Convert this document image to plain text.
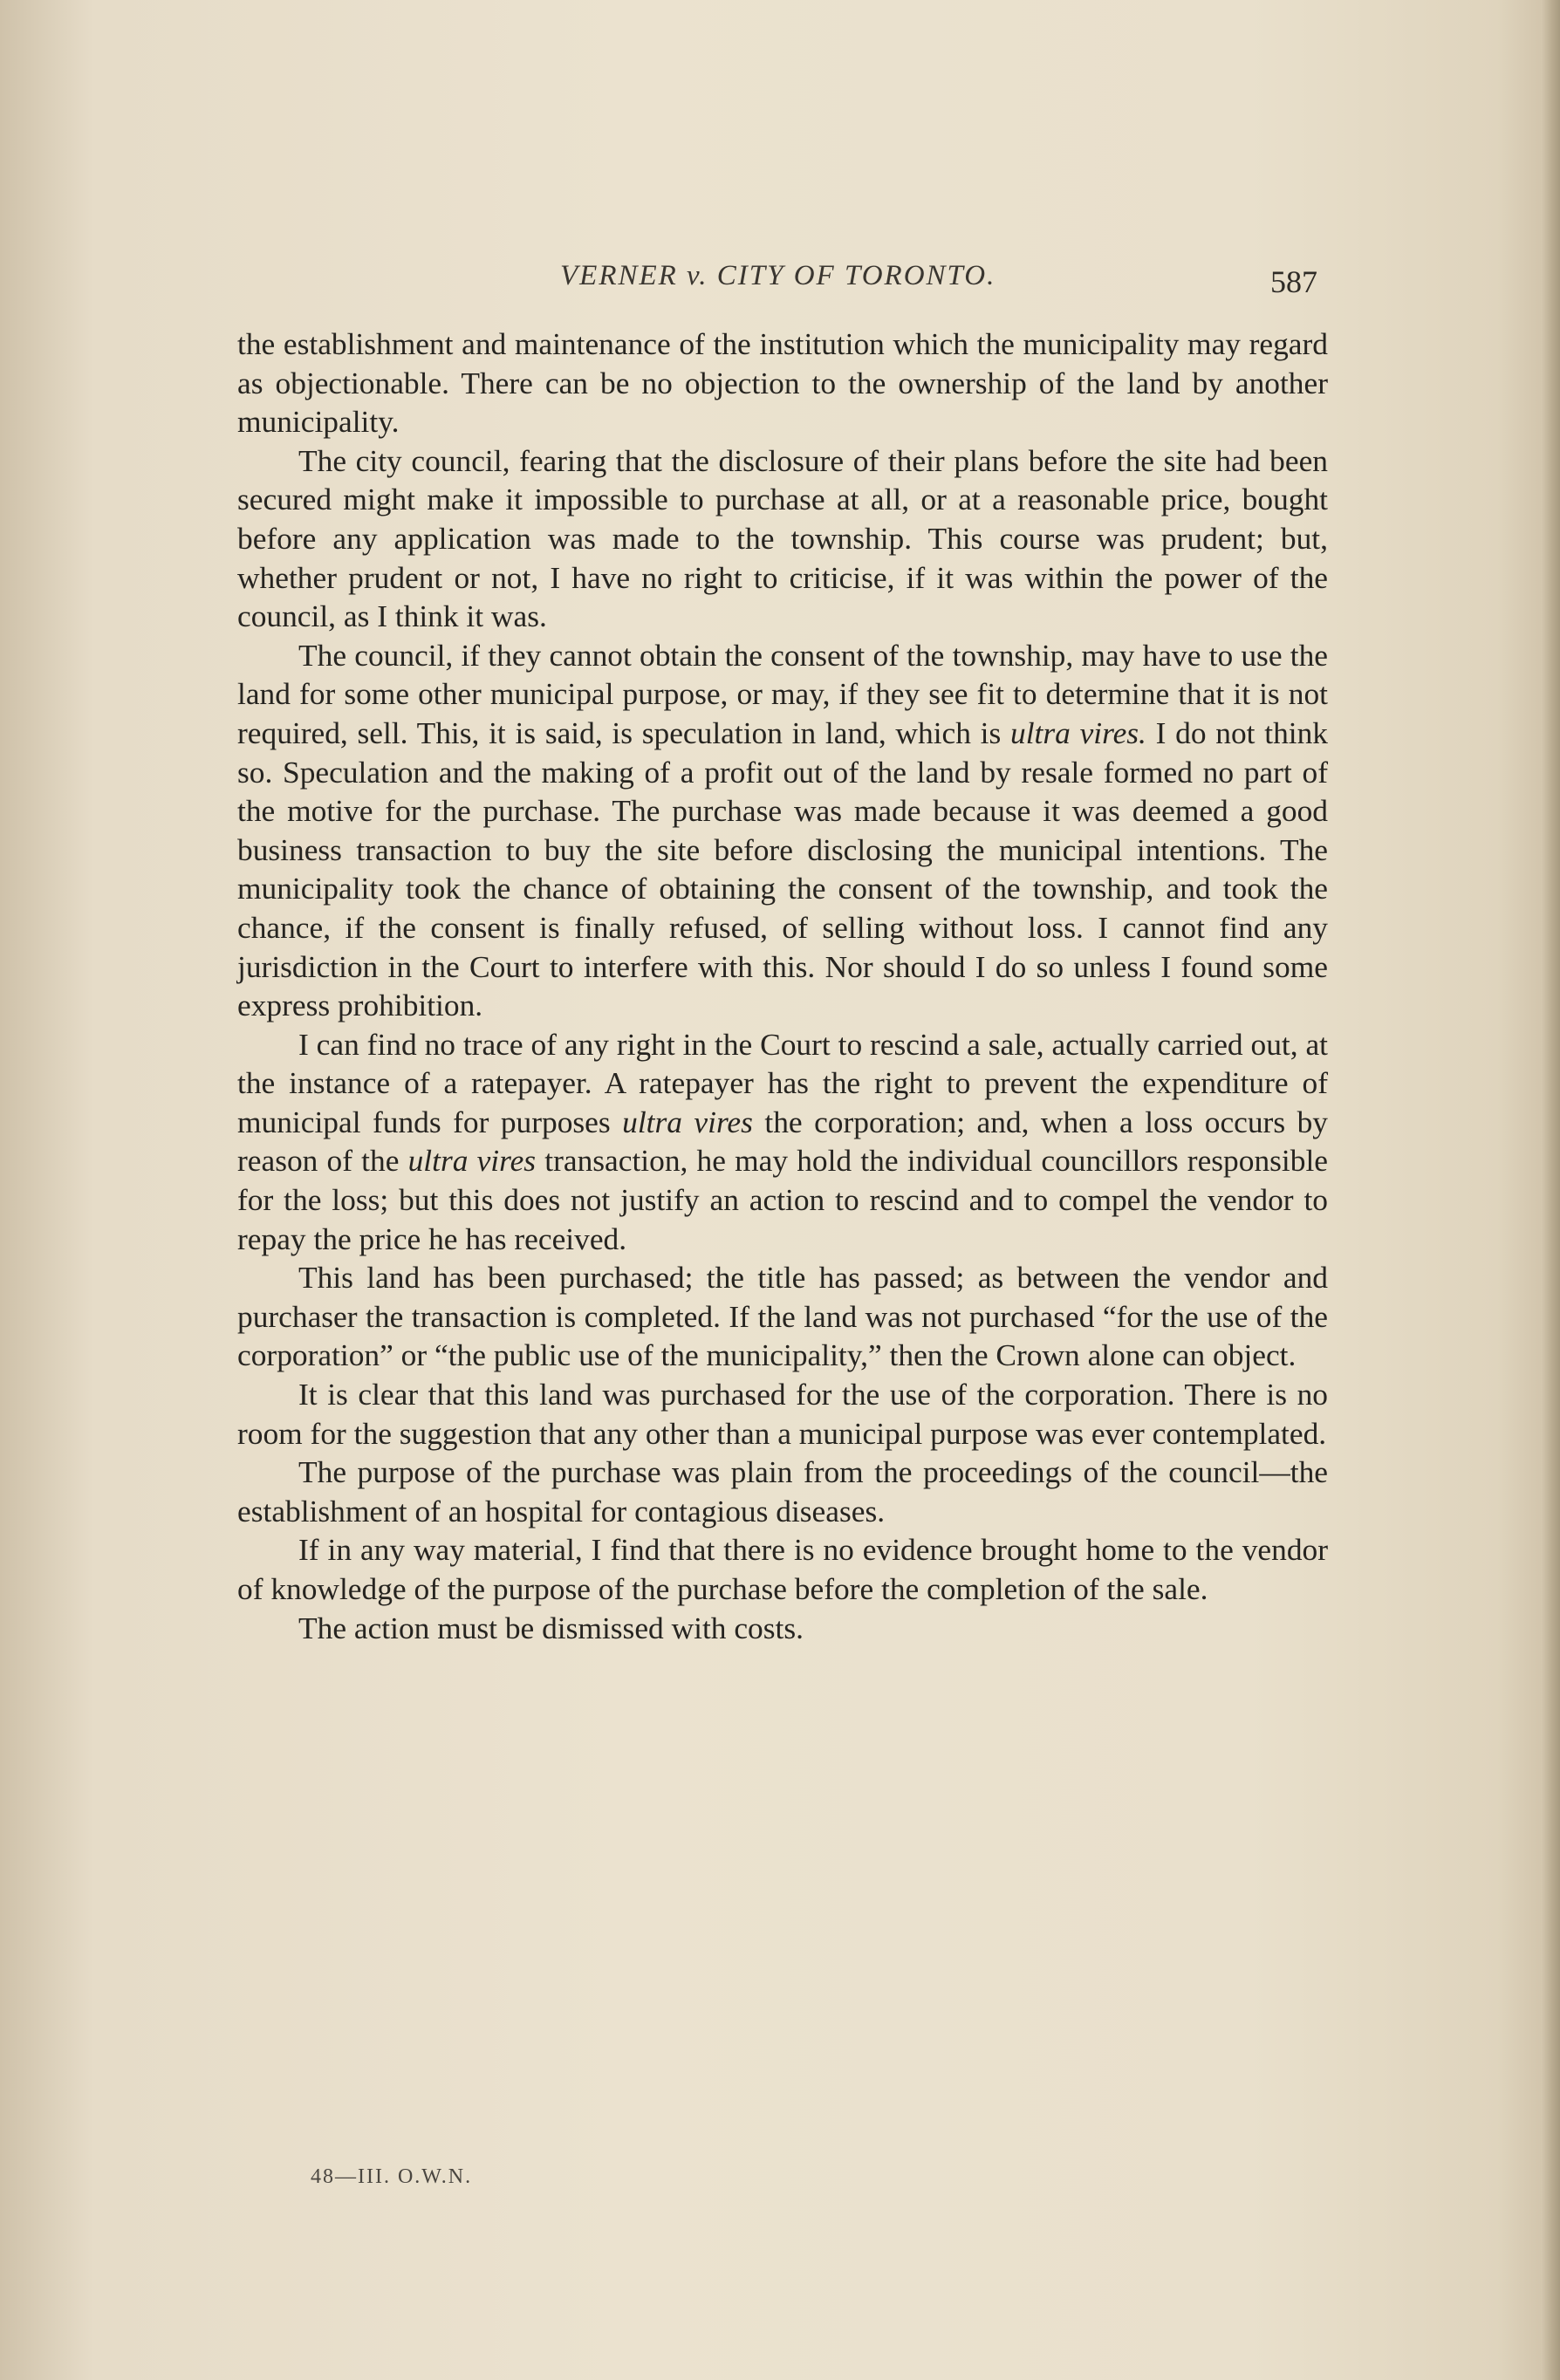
VERNER v. CITY OF TORONTO.	587

the establishment and maintenance of the institution which the municipality may regard as objectionable. There can be no objection to the ownership of the land by another municipality.

The city council, fearing that the disclosure of their plans before the site had been secured might make it impossible to purchase at all, or at a reasonable price, bought before any application was made to the township. This course was prudent; but, whether prudent or not, I have no right to criticise, if it was within the power of the council, as I think it was.

The council, if they cannot obtain the consent of the township, may have to use the land for some other municipal purpose, or may, if they see fit to determine that it is not required, sell. This, it is said, is speculation in land, which is ultra vires. I do not think so. Speculation and the making of a profit out of the land by resale formed no part of the motive for the purchase. The purchase was made because it was deemed a good business transaction to buy the site before disclosing the municipal intentions. The municipality took the chance of obtaining the consent of the township, and took the chance, if the consent is finally refused, of selling without loss. I cannot find any jurisdiction in the Court to interfere with this. Nor should I do so unless I found some express prohibition.

I can find no trace of any right in the Court to rescind a sale, actually carried out, at the instance of a ratepayer. A ratepayer has the right to prevent the expenditure of municipal funds for purposes ultra vires the corporation; and, when a loss occurs by reason of the ultra vires transaction, he may hold the individual councillors responsible for the loss; but this does not justify an action to rescind and to compel the vendor to repay the price he has received.

This land has been purchased; the title has passed; as between the vendor and purchaser the transaction is completed. If the land was not purchased “for the use of the corporation” or “the public use of the municipality,” then the Crown alone can object.

It is clear that this land was purchased for the use of the corporation. There is no room for the suggestion that any other than a municipal purpose was ever contemplated.

The purpose of the purchase was plain from the proceedings of the council—the establishment of an hospital for contagious diseases.

If in any way material, I find that there is no evidence brought home to the vendor of knowledge of the purpose of the purchase before the completion of the sale.

The action must be dismissed with costs.

48—III. O.W.N.
